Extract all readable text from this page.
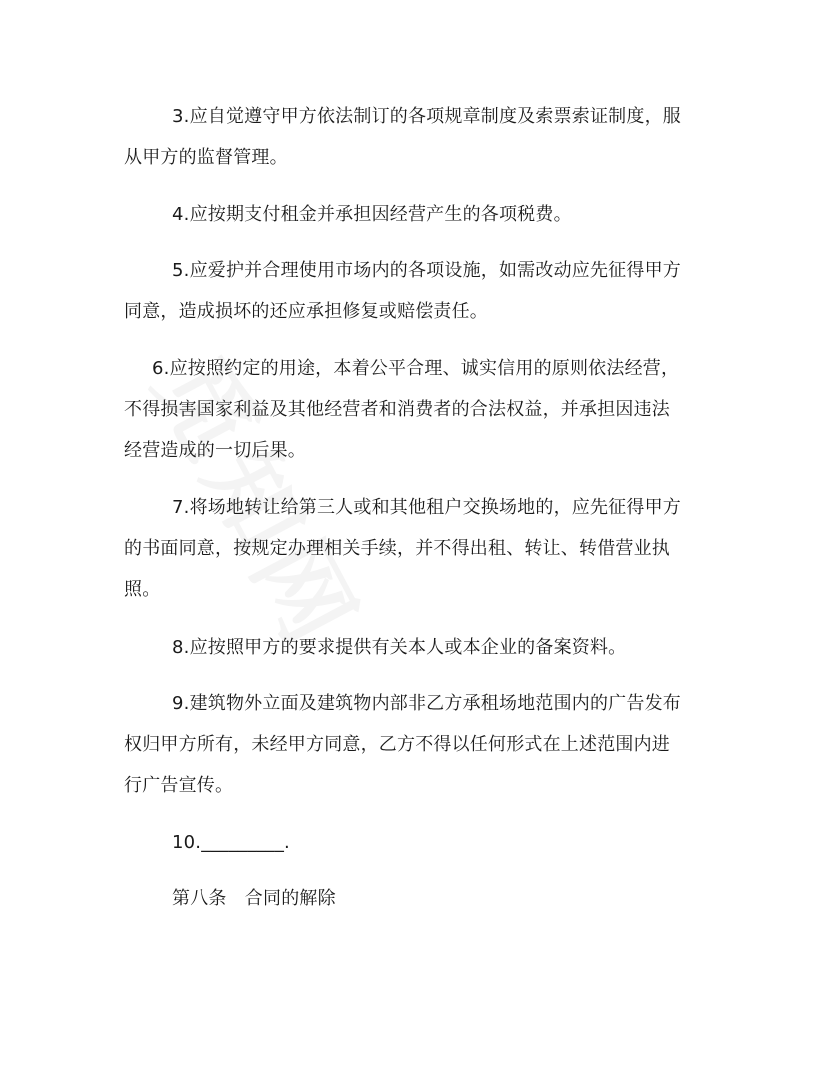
3.应自觉遵守甲方依法制订的各项规章制度及索票索证制度，服
从甲方的监督管理。
4.应按期支付租金并承担因经营产生的各项税费。
5.应爱护并合理使用市场内的各项设施，如需改动应先征得甲方
同意，造成损坏的还应承担修复或赔偿责任。
6.应按照约定的用途，本着公平合理、诚实信用的原则依法经营，
不得损害国家利益及其他经营者和消费者的合法权益，并承担因违法
经营造成的一切后果。
7.将场地转让给第三人或和其他租户交换场地的，应先征得甲方
的书面同意，按规定办理相关手续，并不得出租、转让、转借营业执
照。
8.应按照甲方的要求提供有关本人或本企业的备案资料。
9.建筑物外立面及建筑物内部非乙方承租场地范围内的广告发布
权归甲方所有，未经甲方同意，乙方不得以任何形式在上述范围内进
行广告宣传。
10._________.
第八条　合同的解除
